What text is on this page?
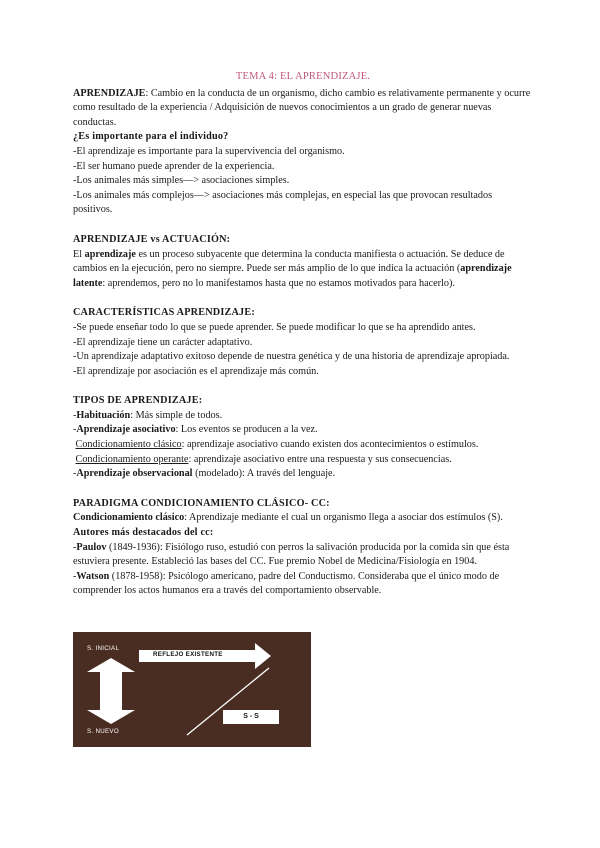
TEMA 4: EL APRENDIZAJE.

APRENDIZAJE: Cambio en la conducta de un organismo, dicho cambio es relativamente permanente y ocurre como resultado de la experiencia / Adquisición de nuevos conocimientos a un grado de generar nuevas conductas.

¿Es importante para el individuo?

-El aprendizaje es importante para la supervivencia del organismo.

-El ser humano puede aprender de la experiencia.

-Los animales más simples—> asociaciones simples.

-Los animales más complejos—> asociaciones más complejas, en especial las que provocan resultados positivos.

APRENDIZAJE vs ACTUACIÓN:

El aprendizaje es un proceso subyacente que determina la conducta manifiesta o actuación. Se deduce de cambios en la ejecución, pero no siempre. Puede ser más amplio de lo que indica la actuación (aprendizaje latente: aprendemos, pero no lo manifestamos hasta que no estamos motivados para hacerlo).

CARACTERÍSTICAS APRENDIZAJE:

-Se puede enseñar todo lo que se puede aprender. Se puede modificar lo que se ha aprendido antes.

-El aprendizaje tiene un carácter adaptativo.

-Un aprendizaje adaptativo exitoso depende de nuestra genética y de una historia de aprendizaje apropiada.

-El aprendizaje por asociación es el aprendizaje más común.

TIPOS DE APRENDIZAJE:

-Habituación: Más simple de todos.

-Aprendizaje asociativo: Los eventos se producen a la vez.

Condicionamiento clásico: aprendizaje asociativo cuando existen dos acontecimientos o estímulos.

Condicionamiento operante: aprendizaje asociativo entre una respuesta y sus consecuencias.

-Aprendizaje observacional (modelado): A través del lenguaje.

PARADIGMA CONDICIONAMIENTO CLÁSICO- CC:

Condicionamiento clásico: Aprendizaje mediante el cual un organismo llega a asociar dos estímulos (S).

Autores más destacados del cc:

-Paulov (1849-1936): Fisiólogo ruso, estudió con perros la salivación producida por la comida sin que ésta estuviera presente. Estableció las bases del CC. Fue premio Nobel de Medicina/Fisiología en 1904.

-Watson (1878-1958): Psicólogo americano, padre del Conductismo. Consideraba que el único modo de comprender los actos humanos era a través del comportamiento observable.

S. INICIAL
REFLEJO EXISTENTE
S. NUEVO
S - S
